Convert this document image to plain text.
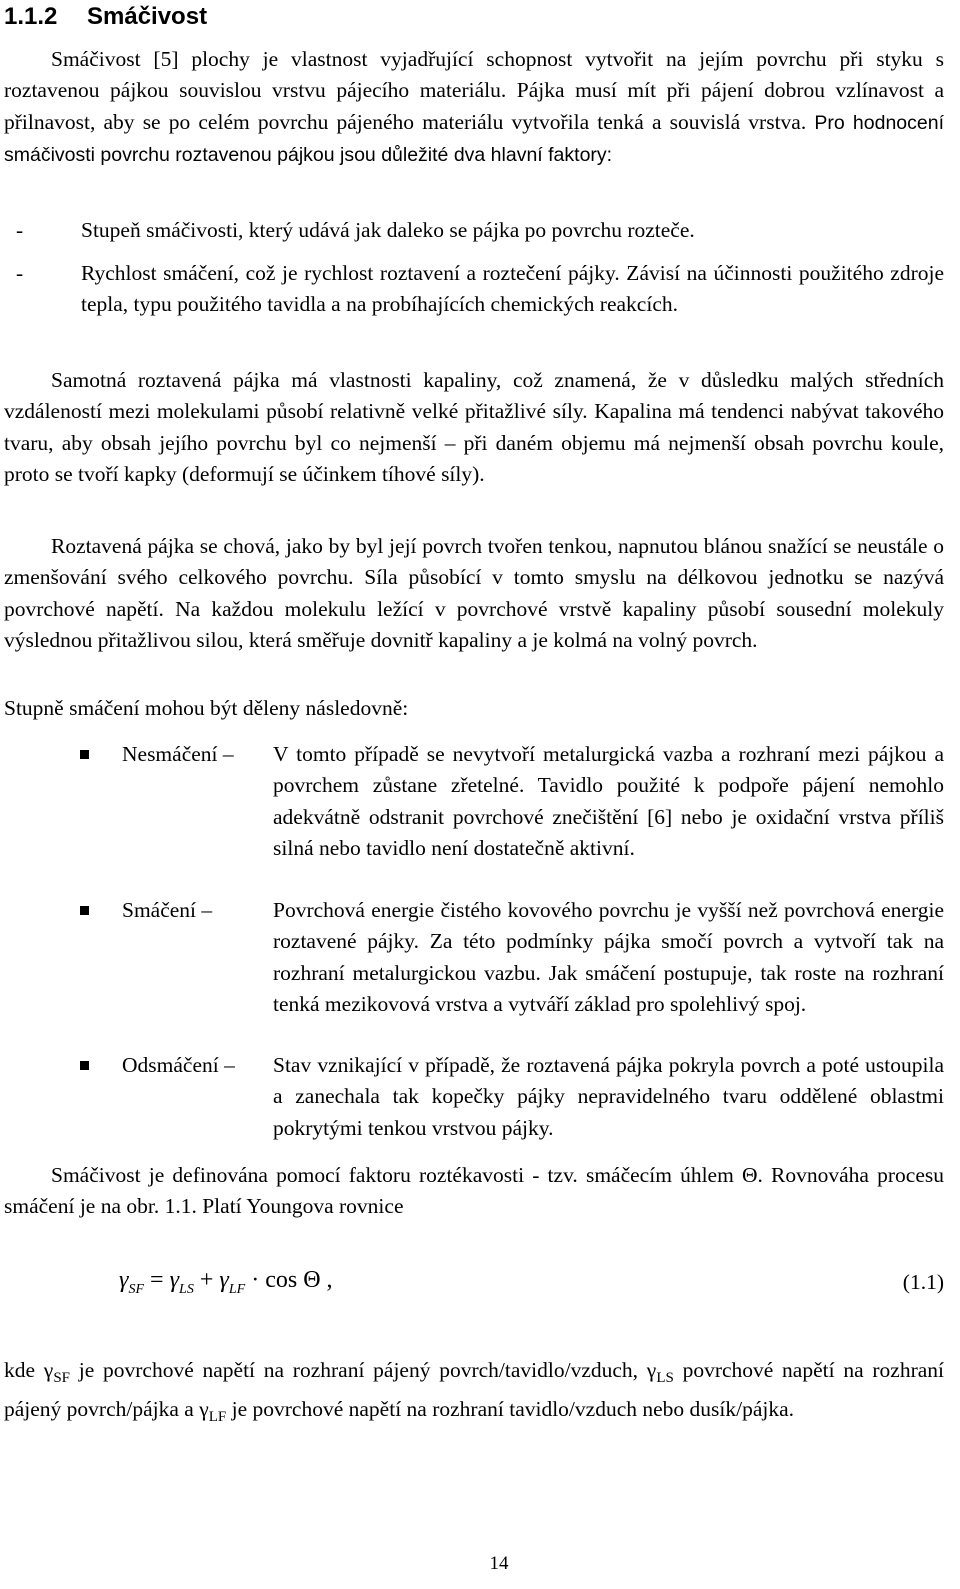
1.1.2 Smáčivost

Smáčivost [5] plochy je vlastnost vyjadřující schopnost vytvořit na jejím povrchu při styku s roztavenou pájkou souvislou vrstvu pájecího materiálu. Pájka musí mít při pájení dobrou vzlínavost a přilnavost, aby se po celém povrchu pájeného materiálu vytvořila tenká a souvislá vrstva. Pro hodnocení smáčivosti povrchu roztavenou pájkou jsou důležité dva hlavní faktory:

-	Stupeň smáčivosti, který udává jak daleko se pájka po povrchu rozteče.

-	Rychlost smáčení, což je rychlost roztavení a roztečení pájky. Závisí na účinnosti použitého zdroje tepla, typu použitého tavidla a na probíhajících chemických reakcích.

Samotná roztavená pájka má vlastnosti kapaliny, což znamená, že v důsledku malých středních vzdáleností mezi molekulami působí relativně velké přitažlivé síly. Kapalina má tendenci nabývat takového tvaru, aby obsah jejího povrchu byl co nejmenší – při daném objemu má nejmenší obsah povrchu koule, proto se tvoří kapky (deformují se účinkem tíhové síly).

Roztavená pájka se chová, jako by byl její povrch tvořen tenkou, napnutou blánou snažící se neustále o zmenšování svého celkového povrchu. Síla působící v tomto smyslu na délkovou jednotku se nazývá povrchové napětí. Na každou molekulu ležící v povrchové vrstvě kapaliny působí sousední molekuly výslednou přitažlivou silou, která směřuje dovnitř kapaliny a je kolmá na volný povrch.

Stupně smáčení mohou být děleny následovně:

Nesmáčení – V tomto případě se nevytvoří metalurgická vazba a rozhraní mezi pájkou a povrchem zůstane zřetelné. Tavidlo použité k podpoře pájení nemohlo adekvátně odstranit povrchové znečištění [6] nebo je oxidační vrstva příliš silná nebo tavidlo není dostatečně aktivní.

Smáčení –	Povrchová energie čistého kovového povrchu je vyšší než povrchová energie roztavené pájky. Za této podmínky pájka smočí povrch a vytvoří tak na rozhraní metalurgickou vazbu. Jak smáčení postupuje, tak roste na rozhraní tenká mezikovová vrstva a vytváří základ pro spolehlivý spoj.

Odsmáčení – Stav vznikající v případě, že roztavená pájka pokryla povrch a poté ustoupila a zanechala tak kopečky pájky nepravidelného tvaru oddělené oblastmi pokrytými tenkou vrstvou pájky.

Smáčivost je definována pomocí faktoru roztékavosti - tzv. smáčecím úhlem Θ. Rovnováha procesu smáčení je na obr. 1.1. Platí Youngova rovnice

$\gamma_{SF} = \gamma_{LS} + \gamma_{LF} \cdot \cos \Theta$ ,	(1.1)

kde $\gamma_{SF}$ je povrchové napětí na rozhraní pájený povrch/tavidlo/vzduch, $\gamma_{LS}$ povrchové napětí na rozhraní pájený povrch/pájka a $\gamma_{LF}$ je povrchové napětí na rozhraní tavidlo/vzduch nebo dusík/pájka.

14
